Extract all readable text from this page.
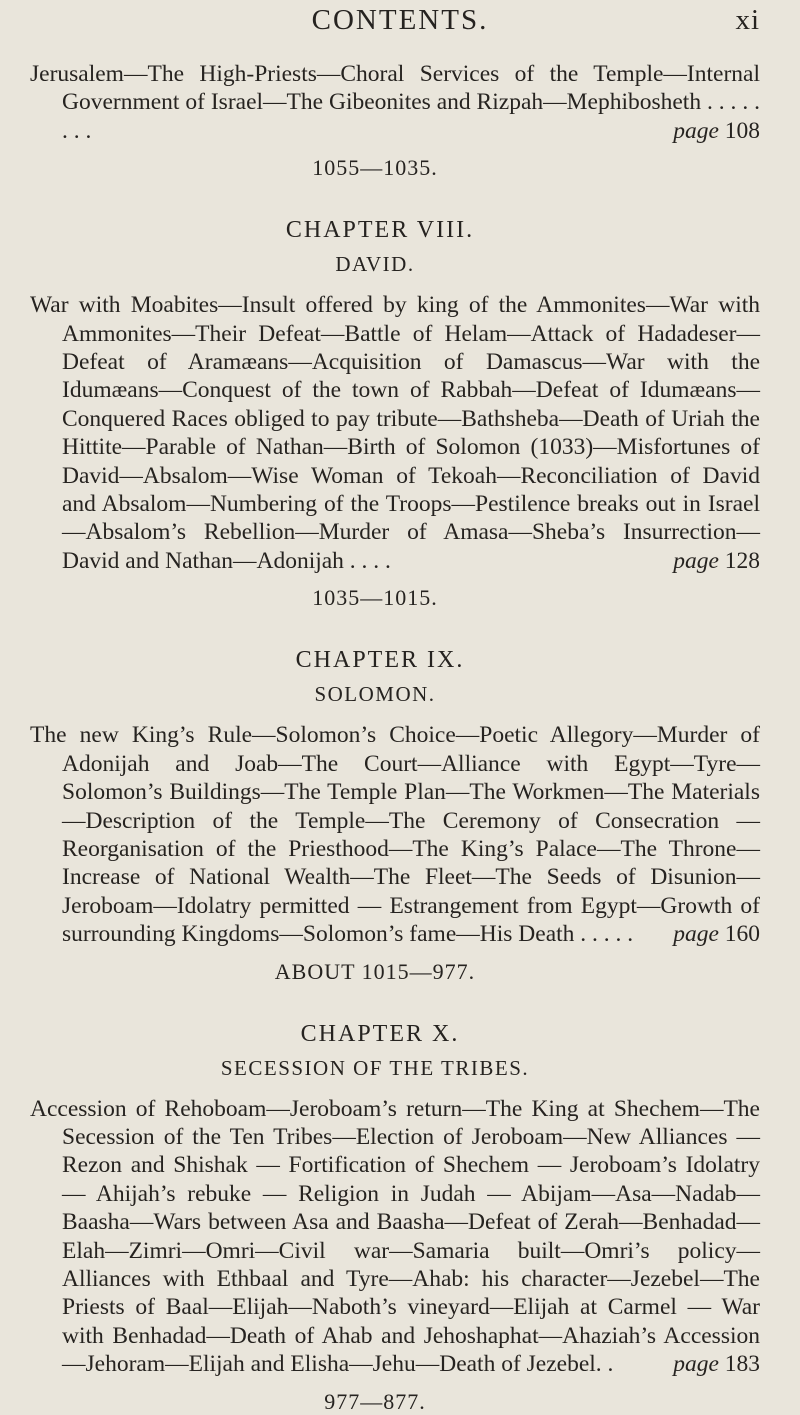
CONTENTS.	xi

Jerusalem—The High-Priests—Choral Services of the Temple—Internal Government of Israel—The Gibeonites and Rizpah—Mephibosheth . . . . . . . .	page 108

1055—1035.
CHAPTER VIII.
DAVID.

War with Moabites—Insult offered by king of the Ammonites—War with Ammonites—Their Defeat—Battle of Helam—Attack of Hadadeser—Defeat of Aramæans—Acquisition of Damascus—War with the Idumæans—Conquest of the town of Rabbah—Defeat of Idumæans—Conquered Races obliged to pay tribute—Bathsheba—Death of Uriah the Hittite—Parable of Nathan—Birth of Solomon (1033)—Misfortunes of David—Absalom—Wise Woman of Tekoah—Reconciliation of David and Absalom—Numbering of the Troops—Pestilence breaks out in Israel—Absalom’s Rebellion—Murder of Amasa—Sheba’s Insurrection—David and Nathan—Adonijah . . . .	page 128

1035—1015.
CHAPTER IX.
SOLOMON.

The new King’s Rule—Solomon’s Choice—Poetic Allegory—Murder of Adonijah and Joab—The Court—Alliance with Egypt—Tyre—Solomon’s Buildings—The Temple Plan—The Workmen—The Materials—Description of the Temple—The Ceremony of Consecration — Reorganisation of the Priesthood—The King’s Palace—The Throne—Increase of National Wealth—The Fleet—The Seeds of Disunion—Jeroboam—Idolatry permitted — Estrangement from Egypt—Growth of surrounding Kingdoms—Solomon’s fame—His Death . . . . . page 160

ABOUT 1015—977.
CHAPTER X.
SECESSION OF THE TRIBES.

Accession of Rehoboam—Jeroboam’s return—The King at Shechem—The Secession of the Ten Tribes—Election of Jeroboam—New Alliances — Rezon and Shishak — Fortification of Shechem — Jeroboam’s Idolatry — Ahijah’s rebuke — Religion in Judah — Abijam—Asa—Nadab—Baasha—Wars between Asa and Baasha—Defeat of Zerah—Benhadad—Elah—Zimri—Omri—Civil war—Samaria built—Omri’s policy—Alliances with Ethbaal and Tyre—Ahab: his character—Jezebel—The Priests of Baal—Elijah—Naboth’s vineyard—Elijah at Carmel — War with Benhadad—Death of Ahab and Jehoshaphat—Ahaziah’s Accession—Jehoram—Elijah and Elisha—Jehu—Death of Jezebel. .	page 183

977—877.
